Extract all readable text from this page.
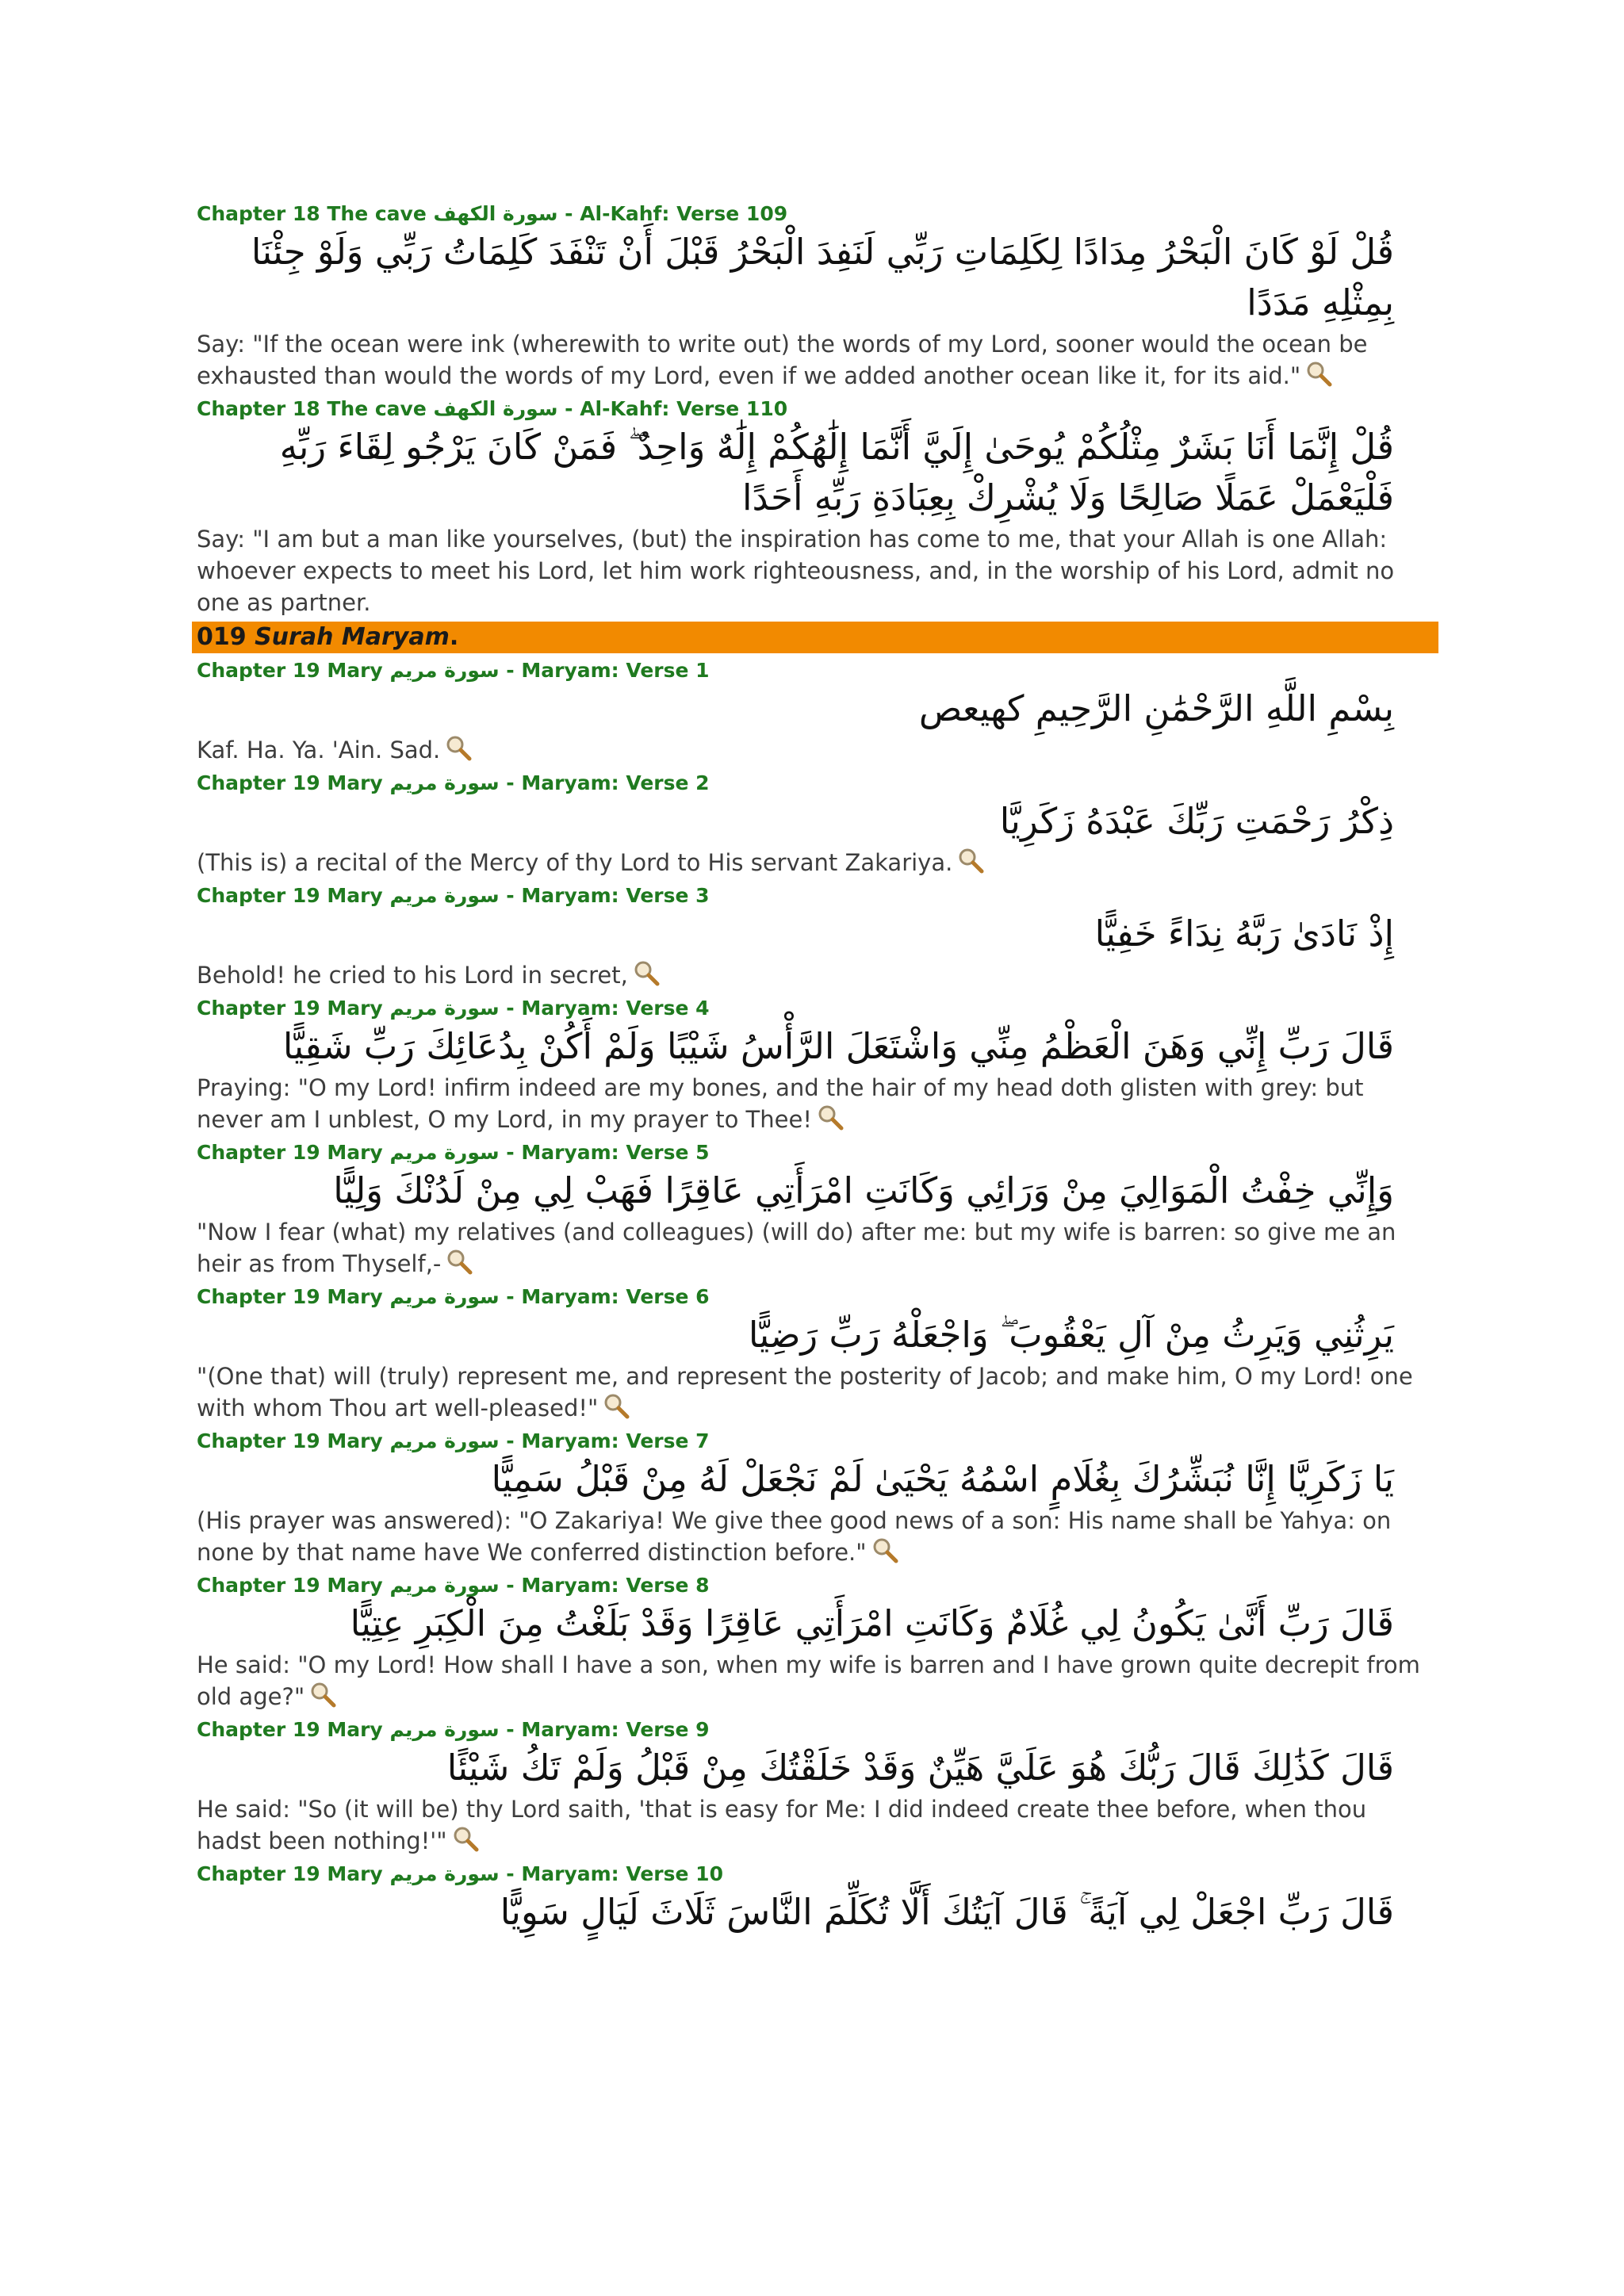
Chapter 18 The cave سورة الكهف - Al-Kahf: Verse 109
قُلْ لَوْ كَانَ الْبَحْرُ مِدَادًا لِكَلِمَاتِ رَبِّي لَنَفِدَ الْبَحْرُ قَبْلَ أَنْ تَنْفَدَ كَلِمَاتُ رَبِّي وَلَوْ جِئْنَا بِمِثْلِهِ مَدَدًا
Say: "If the ocean were ink (wherewith to write out) the words of my Lord, sooner would the ocean be exhausted than would the words of my Lord, even if we added another ocean like it, for its aid."
Chapter 18 The cave سورة الكهف - Al-Kahf: Verse 110
قُلْ إِنَّمَا أَنَا بَشَرٌ مِثْلُكُمْ يُوحَىٰ إِلَيَّ أَنَّمَا إِلَٰهُكُمْ إِلَٰهٌ وَاحِدٌ ۖ فَمَنْ كَانَ يَرْجُو لِقَاءَ رَبِّهِ فَلْيَعْمَلْ عَمَلًا صَالِحًا وَلَا يُشْرِكْ بِعِبَادَةِ رَبِّهِ أَحَدًا
Say: "I am but a man like yourselves, (but) the inspiration has come to me, that your Allah is one Allah: whoever expects to meet his Lord, let him work righteousness, and, in the worship of his Lord, admit no one as partner.
019 Surah Maryam.
Chapter 19 Mary سورة مريم - Maryam: Verse 1
بِسْمِ اللَّهِ الرَّحْمَٰنِ الرَّحِيمِ كهيعص
Kaf. Ha. Ya. 'Ain. Sad.
Chapter 19 Mary سورة مريم - Maryam: Verse 2
ذِكْرُ رَحْمَتِ رَبِّكَ عَبْدَهُ زَكَرِيَّا
(This is) a recital of the Mercy of thy Lord to His servant Zakariya.
Chapter 19 Mary سورة مريم - Maryam: Verse 3
إِذْ نَادَىٰ رَبَّهُ نِدَاءً خَفِيًّا
Behold! he cried to his Lord in secret,
Chapter 19 Mary سورة مريم - Maryam: Verse 4
قَالَ رَبِّ إِنِّي وَهَنَ الْعَظْمُ مِنِّي وَاشْتَعَلَ الرَّأْسُ شَيْبًا وَلَمْ أَكُنْ بِدُعَائِكَ رَبِّ شَقِيًّا
Praying: "O my Lord! infirm indeed are my bones, and the hair of my head doth glisten with grey: but never am I unblest, O my Lord, in my prayer to Thee!
Chapter 19 Mary سورة مريم - Maryam: Verse 5
وَإِنِّي خِفْتُ الْمَوَالِيَ مِنْ وَرَائِي وَكَانَتِ امْرَأَتِي عَاقِرًا فَهَبْ لِي مِنْ لَدُنْكَ وَلِيًّا
"Now I fear (what) my relatives (and colleagues) (will do) after me: but my wife is barren: so give me an heir as from Thyself,-
Chapter 19 Mary سورة مريم - Maryam: Verse 6
يَرِثُنِي وَيَرِثُ مِنْ آلِ يَعْقُوبَ ۖ وَاجْعَلْهُ رَبِّ رَضِيًّا
"(One that) will (truly) represent me, and represent the posterity of Jacob; and make him, O my Lord! one with whom Thou art well-pleased!"
Chapter 19 Mary سورة مريم - Maryam: Verse 7
يَا زَكَرِيَّا إِنَّا نُبَشِّرُكَ بِغُلَامٍ اسْمُهُ يَحْيَىٰ لَمْ نَجْعَلْ لَهُ مِنْ قَبْلُ سَمِيًّا
(His prayer was answered): "O Zakariya! We give thee good news of a son: His name shall be Yahya: on none by that name have We conferred distinction before."
Chapter 19 Mary سورة مريم - Maryam: Verse 8
قَالَ رَبِّ أَنَّىٰ يَكُونُ لِي غُلَامٌ وَكَانَتِ امْرَأَتِي عَاقِرًا وَقَدْ بَلَغْتُ مِنَ الْكِبَرِ عِتِيًّا
He said: "O my Lord! How shall I have a son, when my wife is barren and I have grown quite decrepit from old age?"
Chapter 19 Mary سورة مريم - Maryam: Verse 9
قَالَ كَذَٰلِكَ قَالَ رَبُّكَ هُوَ عَلَيَّ هَيِّنٌ وَقَدْ خَلَقْتُكَ مِنْ قَبْلُ وَلَمْ تَكُ شَيْئًا
He said: "So (it will be) thy Lord saith, 'that is easy for Me: I did indeed create thee before, when thou hadst been nothing!'"
Chapter 19 Mary سورة مريم - Maryam: Verse 10
قَالَ رَبِّ اجْعَلْ لِي آيَةً ۚ قَالَ آيَتُكَ أَلَّا تُكَلِّمَ النَّاسَ ثَلَاثَ لَيَالٍ سَوِيًّا
